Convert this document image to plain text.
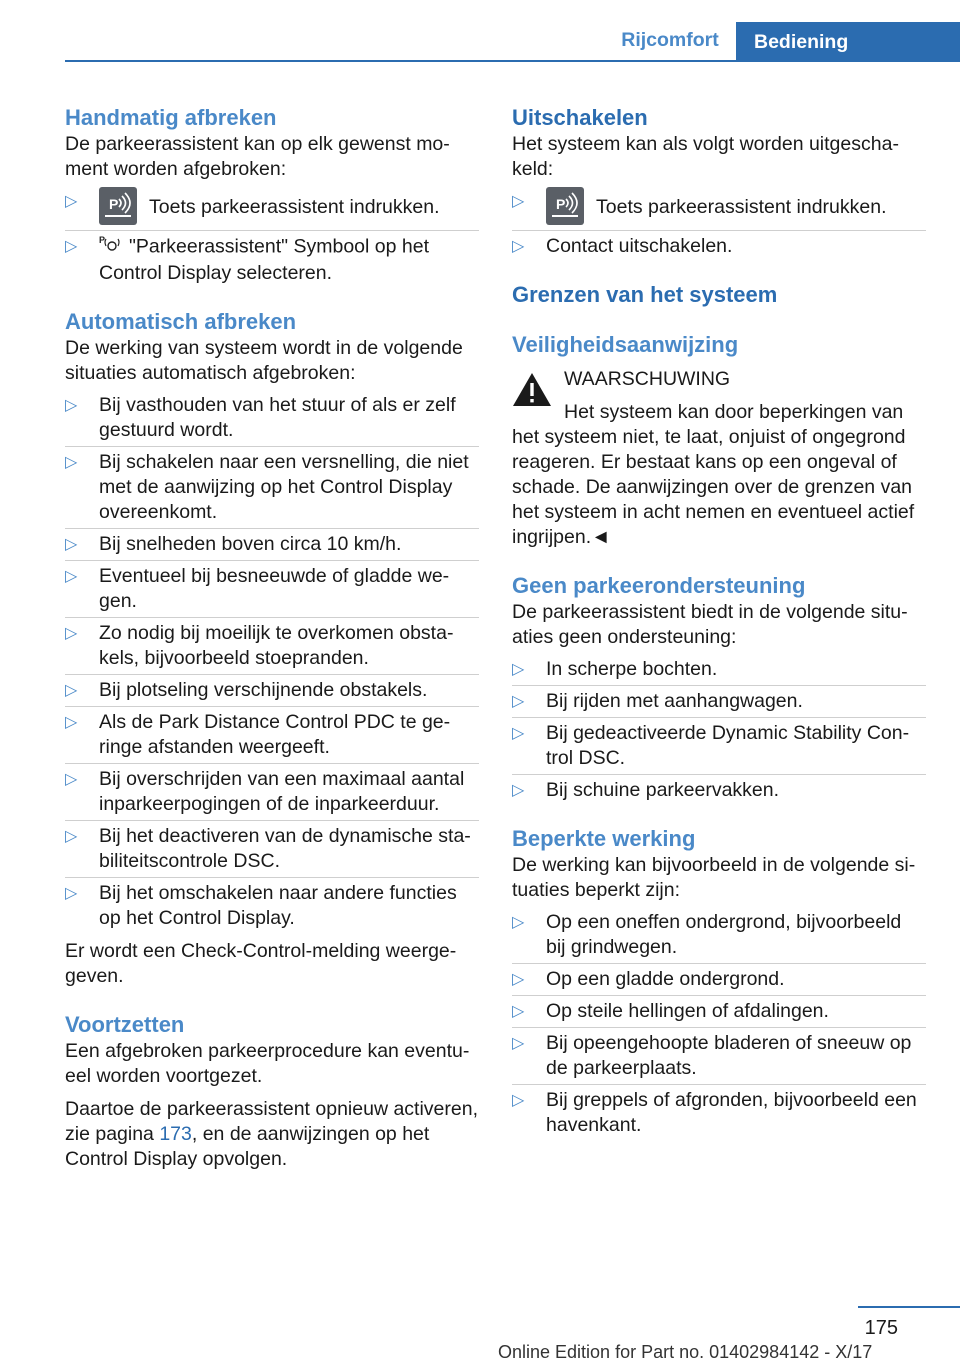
Rijcomfort	Bediening
Handmatig afbreken

De parkeerassistent kan op elk gewenst moment worden afgebroken:

▷ P Toets parkeerassistent indrukken.
▷ P "Parkeerassistent" Symbool op het Control Display selecteren.
Automatisch afbreken

De werking van systeem wordt in de volgende situaties automatisch afgebroken:

▷ Bij vasthouden van het stuur of als er zelf gestuurd wordt.
▷ Bij schakelen naar een versnelling, die niet met de aanwijzing op het Control Display overeenkomt.
▷ Bij snelheden boven circa 10 km/h.
▷ Eventueel bij besneeuwde of gladde wegen.
▷ Zo nodig bij moeilijk te overkomen obstakels, bijvoorbeeld stoepranden.
▷ Bij plotseling verschijnende obstakels.
▷ Als de Park Distance Control PDC te geringe afstanden weergeeft.
▷ Bij overschrijden van een maximaal aantal inparkeerpogingen of de inparkeerduur.
▷ Bij het deactiveren van de dynamische stabiliteitscontrole DSC.
▷ Bij het omschakelen naar andere functies op het Control Display.

Er wordt een Check-Control-melding weergegeven.

Voortzetten

Een afgebroken parkeerprocedure kan eventueel worden voortgezet.

Daartoe de parkeerassistent opnieuw activeren, zie pagina 173, en de aanwijzingen op het Control Display opvolgen.

Uitschakelen

Het systeem kan als volgt worden uitgeschakeld:

▷ P Toets parkeerassistent indrukken.
▷ Contact uitschakelen.
Grenzen van het systeem
Veiligheidsaanwijzing
WAARSCHUWING
Het systeem kan door beperkingen van het systeem niet, te laat, onjuist of ongegrond reageren. Er bestaat kans op een ongeval of schade. De aanwijzingen over de grenzen van het systeem in acht nemen en eventueel actief ingrijpen.◄
Geen parkeerondersteuning

De parkeerassistent biedt in de volgende situaties geen ondersteuning:

▷ In scherpe bochten.
▷ Bij rijden met aanhangwagen.
▷ Bij gedeactiveerde Dynamic Stability Control DSC.
▷ Bij schuine parkeervakken.
Beperkte werking

De werking kan bijvoorbeeld in de volgende situaties beperkt zijn:

▷ Op een oneffen ondergrond, bijvoorbeeld bij grindwegen.
▷ Op een gladde ondergrond.
▷ Op steile hellingen of afdalingen.
▷ Bij opeengehoopte bladeren of sneeuw op de parkeerplaats.
▷ Bij greppels of afgronden, bijvoorbeeld een havenkant.
175
Online Edition for Part no. 01402984142 - X/17
